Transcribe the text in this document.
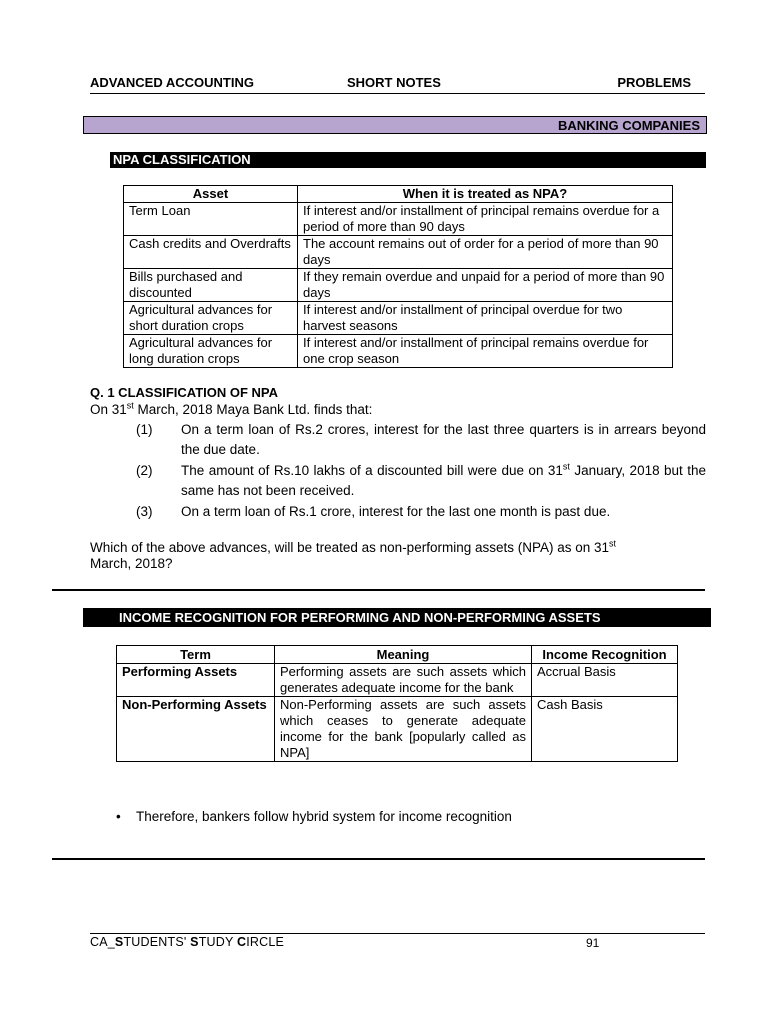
ADVANCED ACCOUNTING	SHORT NOTES	PROBLEMS
BANKING COMPANIES
NPA CLASSIFICATION
Asset	When it is treated as NPA?
Term Loan	If interest and/or installment of principal remains overdue for a period of more than 90 days
Cash credits and Overdrafts	The account remains out of order for a period of more than 90 days
Bills purchased and discounted	If they remain overdue and unpaid for a period of more than 90 days
Agricultural advances for short duration crops	If interest and/or installment of principal overdue for two harvest seasons
Agricultural advances for long duration crops	If interest and/or installment of principal remains overdue for one crop season
Q. 1 CLASSIFICATION OF NPA
On 31st March, 2018 Maya Bank Ltd. finds that:
(1) On a term loan of Rs.2 crores, interest for the last three quarters is in arrears beyond the due date.
(2) The amount of Rs.10 lakhs of a discounted bill were due on 31st January, 2018 but the same has not been received.
(3) On a term loan of Rs.1 crore, interest for the last one month is past due.
Which of the above advances, will be treated as non-performing assets (NPA) as on 31st
March, 2018?
INCOME RECOGNITION FOR PERFORMING AND NON-PERFORMING ASSETS
Term	Meaning	Income Recognition
Performing Assets	Performing assets are such assets which generates adequate income for the bank	Accrual Basis
Non-Performing Assets	Non-Performing assets are such assets which ceases to generate adequate income for the bank [popularly called as NPA]	Cash Basis
• Therefore, bankers follow hybrid system for income recognition
CA_STUDENTS' STUDY CIRCLE	91
